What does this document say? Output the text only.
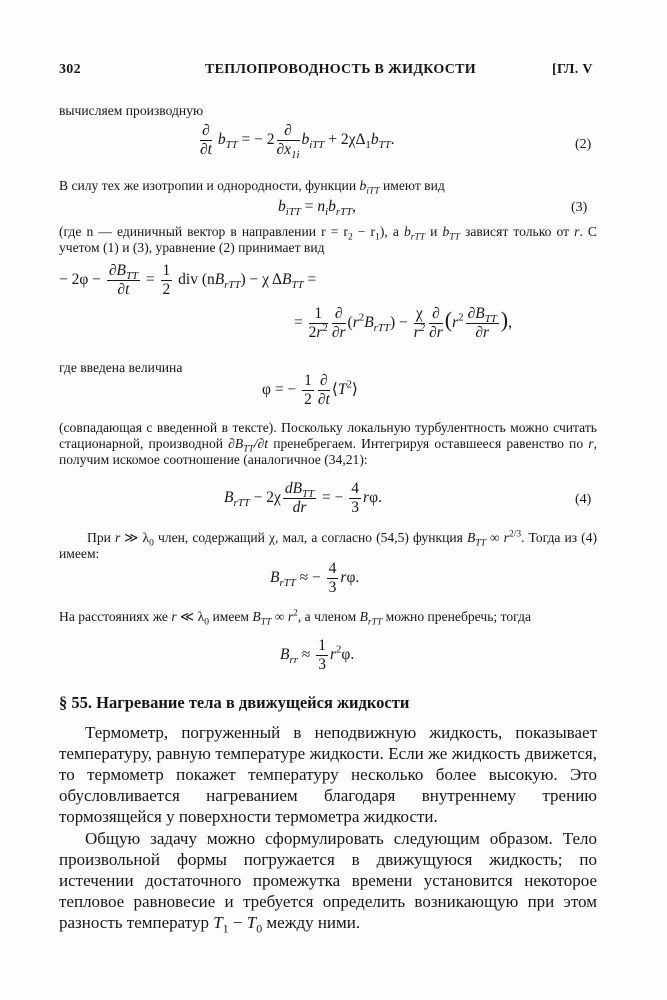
302	ТЕПЛОПРОВОДНОСТЬ В ЖИДКОСТИ	[ГЛ. V
вычисляем производную
$\frac{\partial}{\partial t} b_{TT}$ = − $2 \frac{\partial}{\partial x_{1i}} b_{iTT} + 2\chi\Delta_1b_{TT}$.	(2)
В силу тех же изотропии и однородности, функции $b_{iTT}$ имеют вид
$b_{iTT} = n_ib_{rTT}$,	(3)
(где n — единичный вектор в направлении $r = r_2 - r_1$), а $b_{rTT}$ и $b_{TT}$ зависят только от r. С учетом (1) и (3), уравнение (2) принимает вид
− $2\varphi - \frac{\partial B_{TT}}{\partial t} = \frac{1}{2}$ div $(nB_{rTT}) - \chi$ $\Delta B_{TT}$ =
= $\frac{1}{2r^2} \frac{\partial}{\partial r} (r^2B_{rTT}) - \frac{\chi}{r^2} \frac{\partial}{\partial r} (r^2 \frac{\partial B_{TT}}{\partial r}$ ),
где введена величина
φ = − $\frac{1}{2} \frac{\partial}{\partial t}$ $⟨T^2⟩$
(совпадающая с введенной в тексте). Поскольку локальную турбулентность можно считать стационарной, производной $\partial B_{TT}/\partial t$ пренебрегаем. Интегрируя оставшееся равенство по r, получим искомое соотношение (аналогичное (34,21):
$B_{rTT} - 2\chi \frac{dB_{TT}}{dr}$ = − $\frac{4}{3} r\varphi$.	(4)
При r ≫ $\lambda_0$ член, содержащий χ, мал, а согласно (54,5) функция $B_{TT}$ ∞ $r^{2/3}$. Тогда из (4) имеем:
$B_{rTT}$ ≈ − $\frac{4}{3} r\varphi$.
На расстояниях же r ≪ $\lambda_0$ имеем $B_{TT}$ ∞ $r^2$, а членом $B_{rTT}$ можно пренебречь; тогда
$B_{rr} \approx \frac{1}{3} r^2\varphi$.
§ 55. Нагревание тела в движущейся жидкости
Термометр, погруженный в неподвижную жидкость, показывает температуру, равную температуре жидкости. Если же жидкость движется, то термометр покажет температуру несколько более высокую. Это обусловливается нагреванием благодаря внутреннему трению тормозящейся у поверхности термометра жидкости.
Общую задачу можно сформулировать следующим образом. Тело произвольной формы погружается в движущуюся жидкость; по истечении достаточного промежутка времени установится некоторое тепловое равновесие и требуется определить возникающую при этом разность температур $T_1 - T_0$ между ними.
